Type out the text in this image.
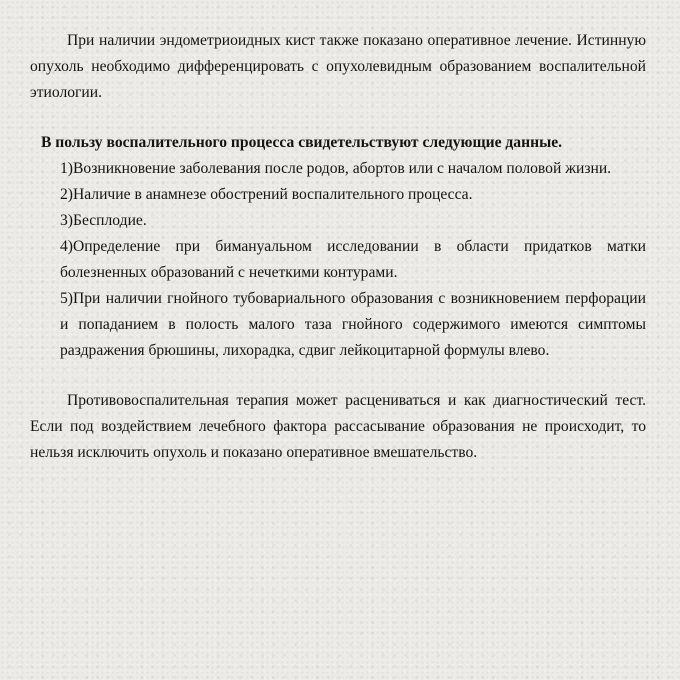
При наличии эндометриоидных кист также показано оперативное лечение. Истинную опухоль необходимо дифференцировать с опухолевидным образованием воспалительной этиологии.

В пользу воспалительного процесса свидетельствуют следующие данные.
1)Возникновение заболевания после родов, абортов или с началом половой жизни.
2)Наличие в анамнезе обострений воспалительного процесса.
3)Бесплодие.
4)Определение при бимануальном исследовании в области придатков матки болезненных образований с нечеткими контурами.
5)При наличии гнойного тубовариального образования с возникновением перфорации и попаданием в полость малого таза гнойного содержимого имеются симптомы раздражения брюшины, лихорадка, сдвиг лейкоцитарной формулы влево.

Противовоспалительная терапия может расцениваться и как диагностический тест. Если под воздействием лечебного фактора рассасывание образования не происходит, то нельзя исключить опухоль и показано оперативное вмешательство.
